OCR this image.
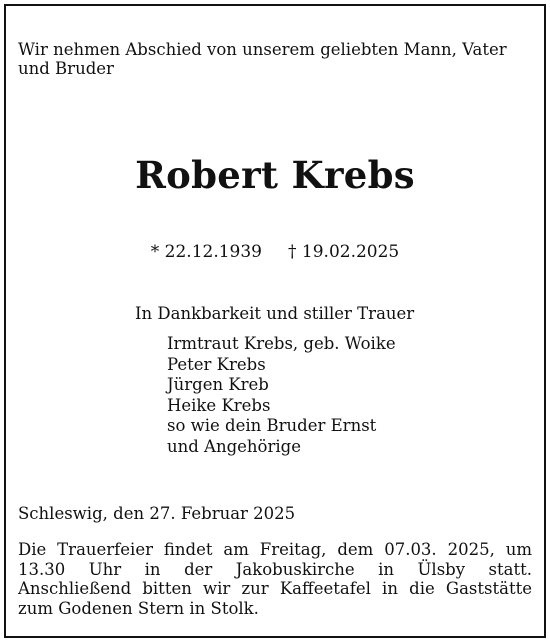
Wir nehmen Abschied von unserem geliebten Mann, Vater
und Bruder
Robert Krebs
* 22.12.1939 † 19.02.2025
In Dankbarkeit und stiller Trauer
Irmtraut Krebs, geb. Woike
Peter Krebs
Jürgen Kreb
Heike Krebs
so wie dein Bruder Ernst
und Angehörige
Schleswig, den 27. Februar 2025
Die Trauerfeier findet am Freitag, dem 07.03. 2025, um
13.30 Uhr in der Jakobuskirche in Ülsby statt.
Anschließend bitten wir zur Kaffeetafel in die Gaststätte
zum Godenen Stern in Stolk.
